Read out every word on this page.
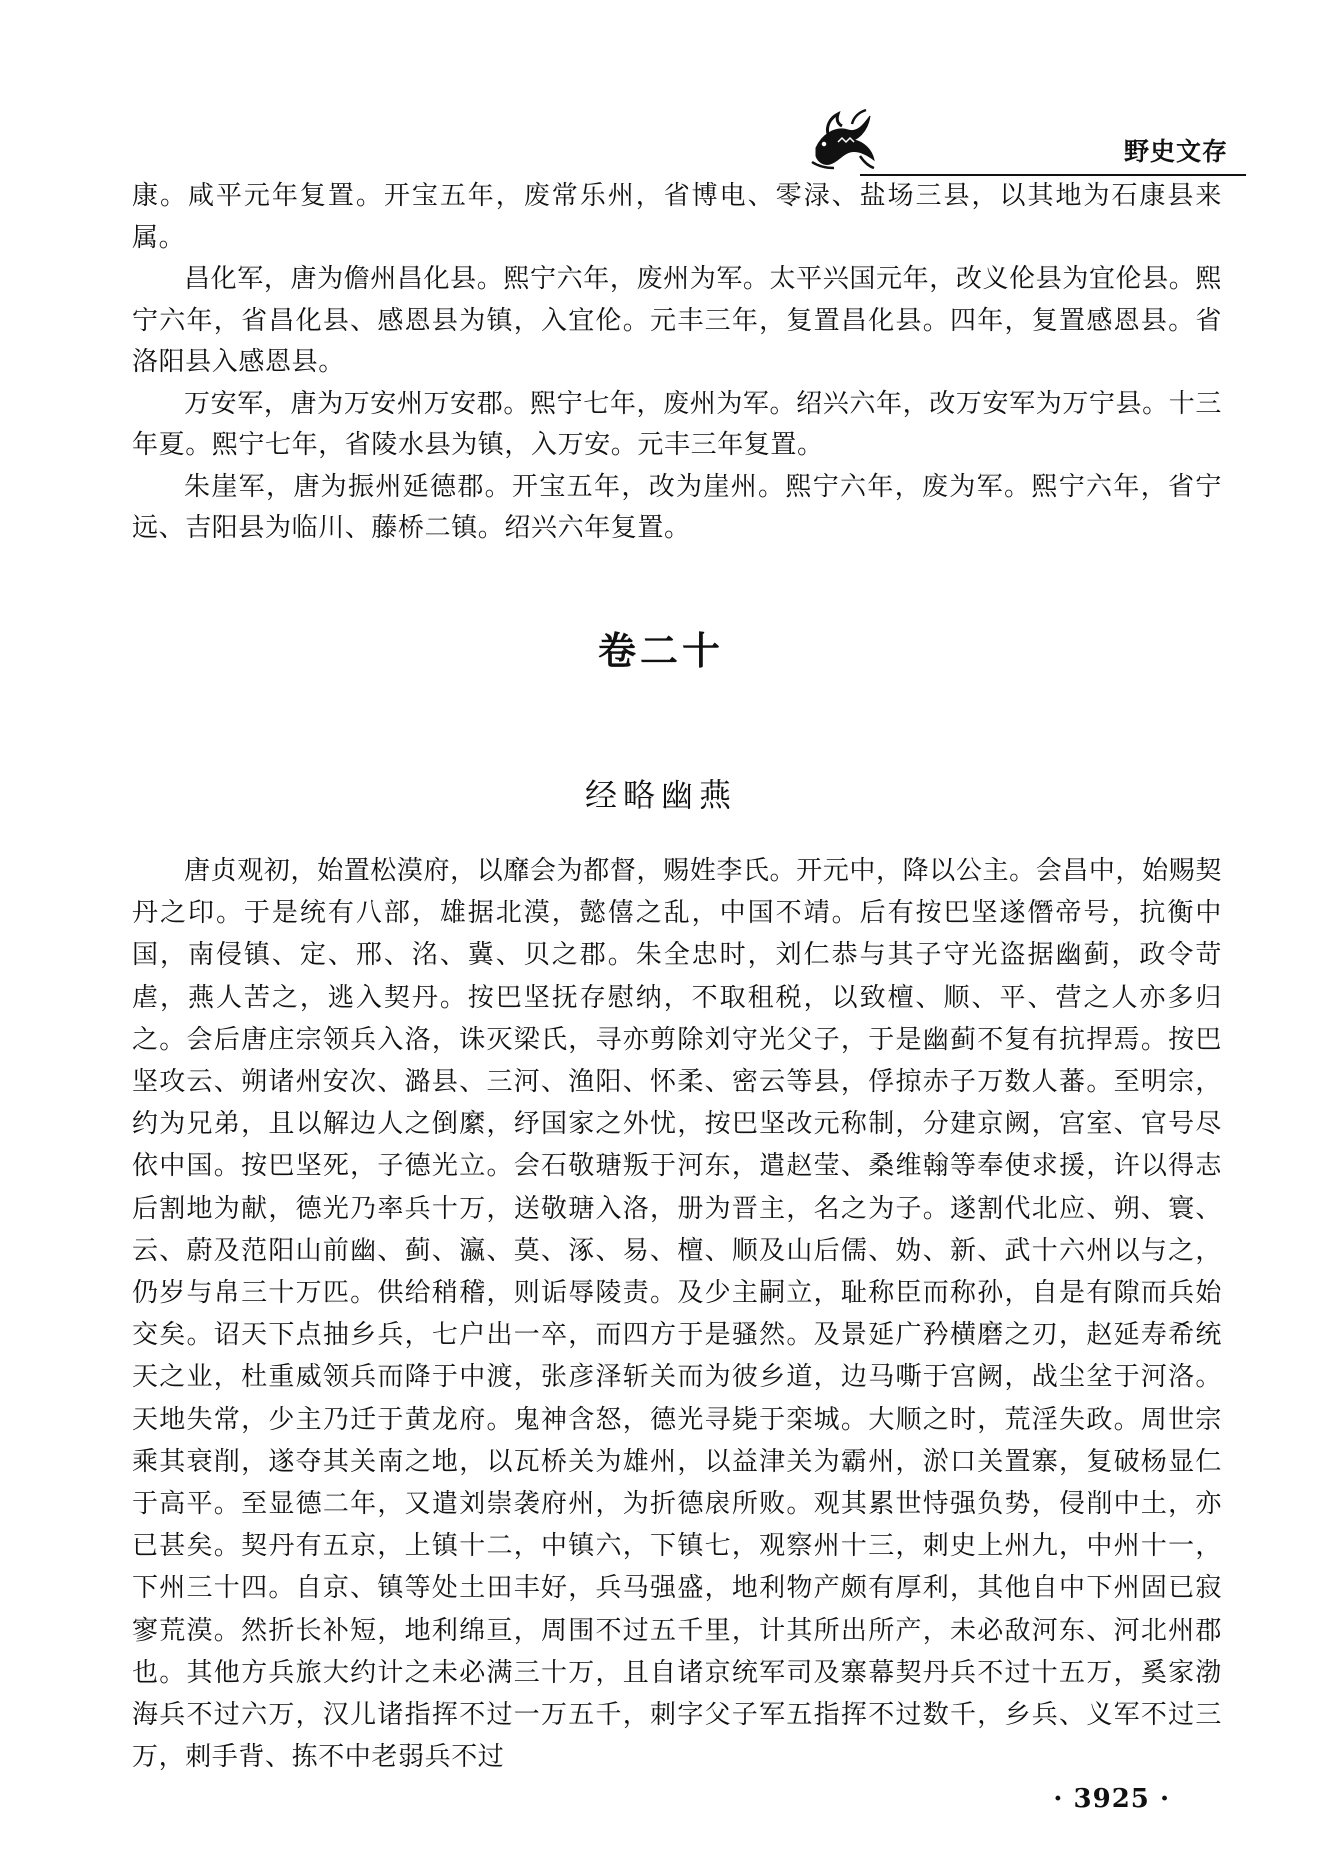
野史文存

康。咸平元年复置。开宝五年，废常乐州，省博电、零渌、盐场三县，以其地为石康县来属。

昌化军，唐为儋州昌化县。熙宁六年，废州为军。太平兴国元年，改义伦县为宜伦县。熙宁六年，省昌化县、感恩县为镇，入宜伦。元丰三年，复置昌化县。四年，复置感恩县。省洛阳县入感恩县。

万安军，唐为万安州万安郡。熙宁七年，废州为军。绍兴六年，改万安军为万宁县。十三年夏。熙宁七年，省陵水县为镇，入万安。元丰三年复置。

朱崖军，唐为振州延德郡。开宝五年，改为崖州。熙宁六年，废为军。熙宁六年，省宁远、吉阳县为临川、藤桥二镇。绍兴六年复置。

卷二十
经略幽燕

唐贞观初，始置松漠府，以靡会为都督，赐姓李氏。开元中，降以公主。会昌中，始赐契丹之印。于是统有八部，雄据北漠，懿僖之乱，中国不靖。后有按巴坚遂僭帝号，抗衡中国，南侵镇、定、邢、洺、冀、贝之郡。朱全忠时，刘仁恭与其子守光盗据幽蓟，政令苛虐，燕人苦之，逃入契丹。按巴坚抚存慰纳，不取租税，以致檀、顺、平、营之人亦多归之。会后唐庄宗领兵入洛，诛灭梁氏，寻亦剪除刘守光父子，于是幽蓟不复有抗捍焉。按巴坚攻云、朔诸州安次、潞县、三河、渔阳、怀柔、密云等县，俘掠赤子万数人蕃。至明宗，约为兄弟，且以解边人之倒縻，纾国家之外忧，按巴坚改元称制，分建京阙，宫室、官号尽依中国。按巴坚死，子德光立。会石敬瑭叛于河东，遣赵莹、桑维翰等奉使求援，许以得志后割地为献，德光乃率兵十万，送敬瑭入洛，册为晋主，名之为子。遂割代北应、朔、寰、云、蔚及范阳山前幽、蓟、瀛、莫、涿、易、檀、顺及山后儒、妫、新、武十六州以与之，仍岁与帛三十万匹。供给稍稽，则诟辱陵责。及少主嗣立，耻称臣而称孙，自是有隙而兵始交矣。诏天下点抽乡兵，七户出一卒，而四方于是骚然。及景延广矜横磨之刃，赵延寿希统天之业，杜重威领兵而降于中渡，张彦泽斩关而为彼乡道，边马嘶于宫阙，战尘坌于河洛。天地失常，少主乃迁于黄龙府。鬼神含怒，德光寻毙于栾城。大顺之时，荒淫失政。周世宗乘其衰削，遂夺其关南之地，以瓦桥关为雄州，以益津关为霸州，淤口关置寨，复破杨显仁于高平。至显德二年，又遣刘崇袭府州，为折德扆所败。观其累世恃强负势，侵削中土，亦已甚矣。契丹有五京，上镇十二，中镇六，下镇七，观察州十三，刺史上州九，中州十一，下州三十四。自京、镇等处土田丰好，兵马强盛，地利物产颇有厚利，其他自中下州固已寂寥荒漠。然折长补短，地利绵亘，周围不过五千里，计其所出所产，未必敌河东、河北州郡也。其他方兵旅大约计之未必满三十万，且自诸京统军司及寨幕契丹兵不过十五万，奚家渤海兵不过六万，汉儿诸指挥不过一万五千，刺字父子军五指挥不过数千，乡兵、义军不过三万，刺手背、拣不中老弱兵不过

· 3925 ·
